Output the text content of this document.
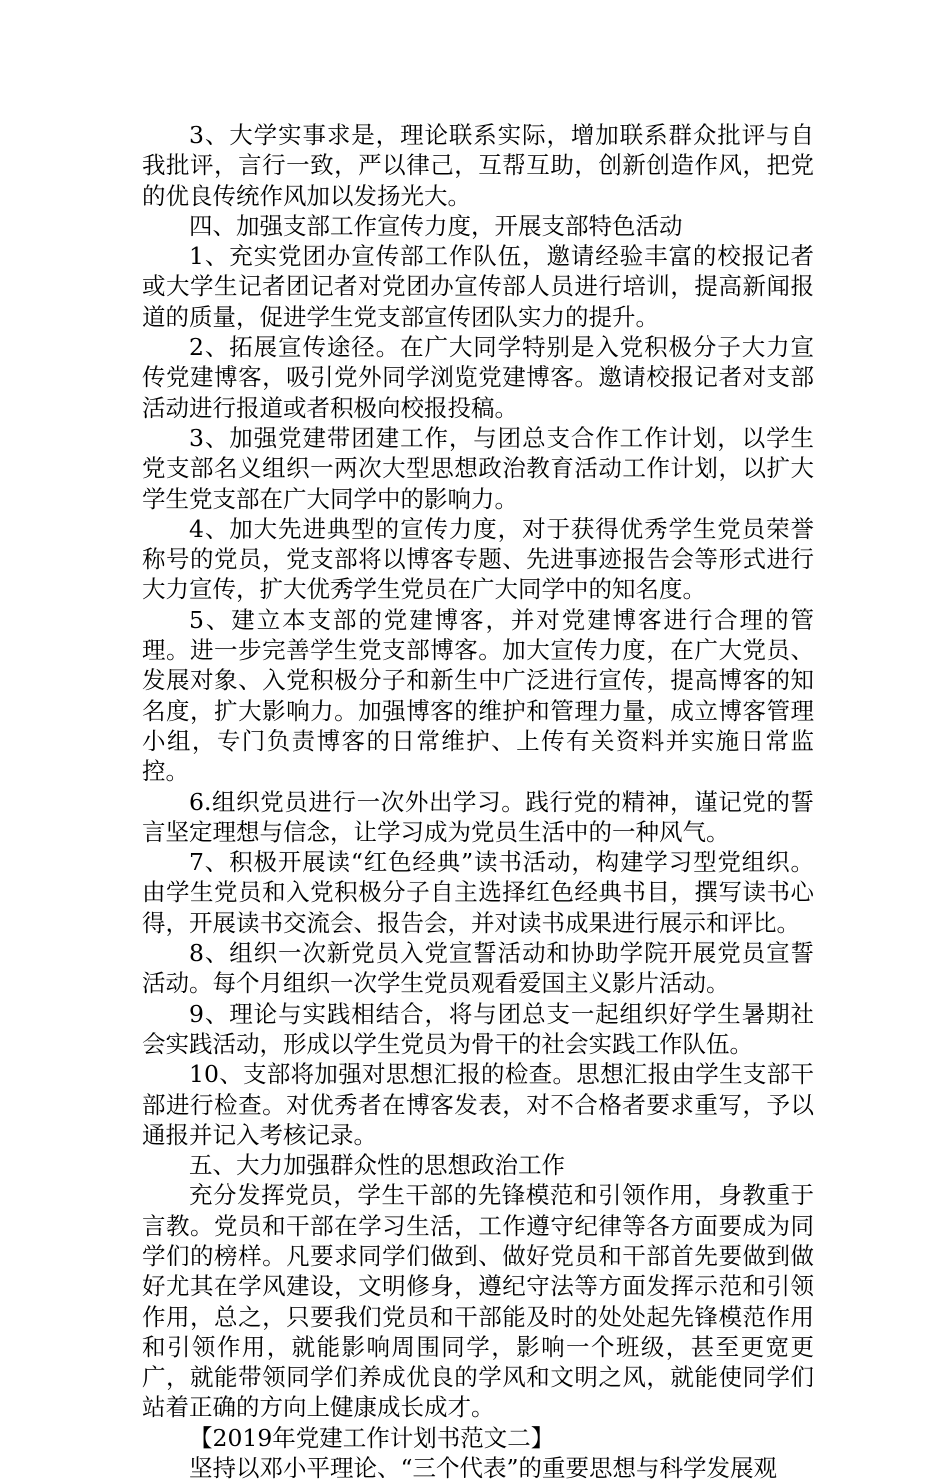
3、大学实事求是，理论联系实际，增加联系群众批评与自我批评，言行一致，严以律己，互帮互助，创新创造作风，把党的优良传统作风加以发扬光大。

四、加强支部工作宣传力度，开展支部特色活动

1、充实党团办宣传部工作队伍，邀请经验丰富的校报记者或大学生记者团记者对党团办宣传部人员进行培训，提高新闻报道的质量，促进学生党支部宣传团队实力的提升。

2、拓展宣传途径。在广大同学特别是入党积极分子大力宣传党建博客，吸引党外同学浏览党建博客。邀请校报记者对支部活动进行报道或者积极向校报投稿。

3、加强党建带团建工作，与团总支合作工作计划，以学生党支部名义组织一两次大型思想政治教育活动工作计划，以扩大学生党支部在广大同学中的影响力。

4、加大先进典型的宣传力度，对于获得优秀学生党员荣誉称号的党员，党支部将以博客专题、先进事迹报告会等形式进行大力宣传，扩大优秀学生党员在广大同学中的知名度。

5、建立本支部的党建博客，并对党建博客进行合理的管理。进一步完善学生党支部博客。加大宣传力度，在广大党员、发展对象、入党积极分子和新生中广泛进行宣传，提高博客的知名度，扩大影响力。加强博客的维护和管理力量，成立博客管理小组，专门负责博客的日常维护、上传有关资料并实施日常监控。

6.组织党员进行一次外出学习。践行党的精神，谨记党的誓言坚定理想与信念，让学习成为党员生活中的一种风气。

7、积极开展读“红色经典”读书活动，构建学习型党组织。由学生党员和入党积极分子自主选择红色经典书目，撰写读书心得，开展读书交流会、报告会，并对读书成果进行展示和评比。

8、组织一次新党员入党宣誓活动和协助学院开展党员宣誓活动。每个月组织一次学生党员观看爱国主义影片活动。

9、理论与实践相结合，将与团总支一起组织好学生暑期社会实践活动，形成以学生党员为骨干的社会实践工作队伍。

10、支部将加强对思想汇报的检查。思想汇报由学生支部干部进行检查。对优秀者在博客发表，对不合格者要求重写，予以通报并记入考核记录。

五、大力加强群众性的思想政治工作

充分发挥党员，学生干部的先锋模范和引领作用，身教重于言教。党员和干部在学习生活，工作遵守纪律等各方面要成为同学们的榜样。凡要求同学们做到、做好党员和干部首先要做到做好尤其在学风建设，文明修身，遵纪守法等方面发挥示范和引领作用，总之，只要我们党员和干部能及时的处处起先锋模范作用和引领作用，就能影响周围同学，影响一个班级，甚至更宽更广，就能带领同学们养成优良的学风和文明之风，就能使同学们站着正确的方向上健康成长成才。

【2019年党建工作计划书范文二】

坚持以邓小平理论、“三个代表”的重要思想与科学发展观
